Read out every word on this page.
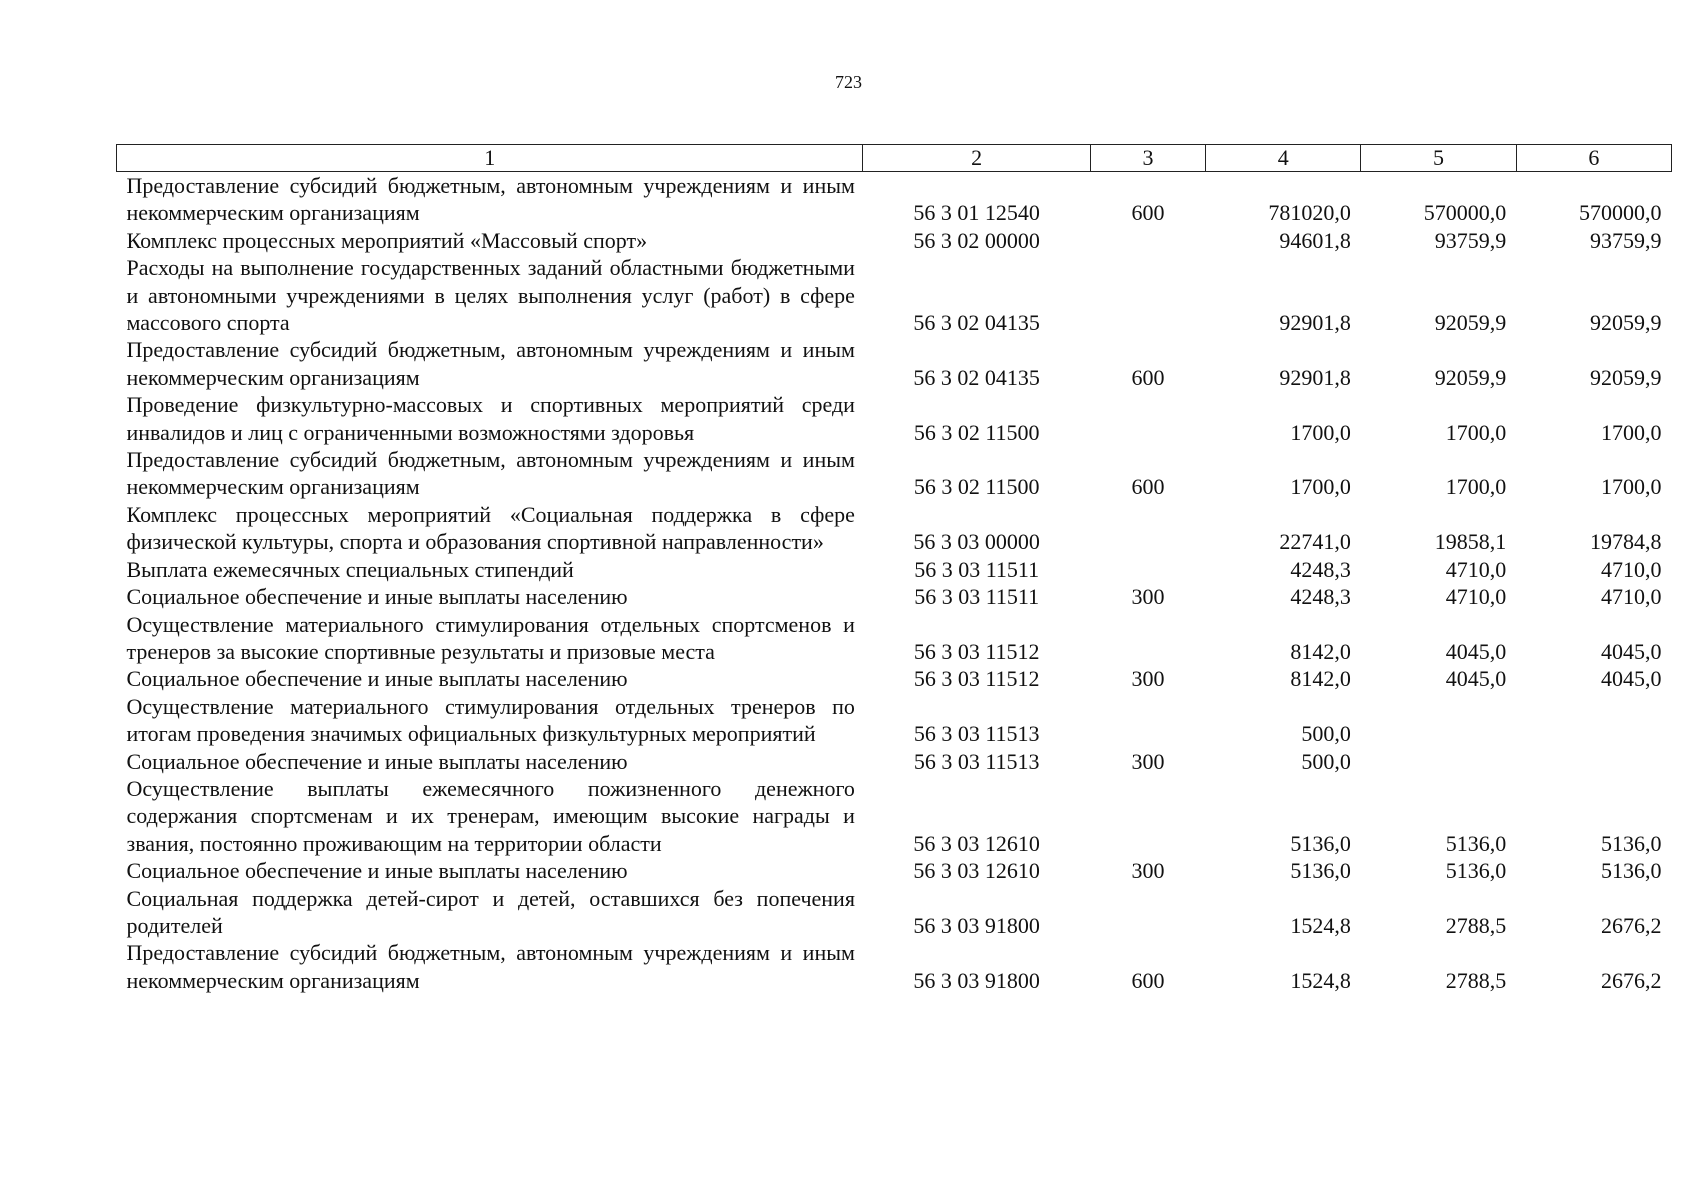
723
1	2	3	4	5	6
Предоставление субсидий бюджетным, автономным учреждениям и иным некоммерческим организациям	56 3 01 12540	600	781020,0	570000,0	570000,0
Комплекс процессных мероприятий «Массовый спорт»	56 3 02 00000		94601,8	93759,9	93759,9
Расходы на выполнение государственных заданий областными бюджетными и автономными учреждениями в целях выполнения услуг (работ) в сфере массового спорта	56 3 02 04135		92901,8	92059,9	92059,9
Предоставление субсидий бюджетным, автономным учреждениям и иным некоммерческим организациям	56 3 02 04135	600	92901,8	92059,9	92059,9
Проведение физкультурно-массовых и спортивных мероприятий среди инвалидов и лиц с ограниченными возможностями здоровья	56 3 02 11500		1700,0	1700,0	1700,0
Предоставление субсидий бюджетным, автономным учреждениям и иным некоммерческим организациям	56 3 02 11500	600	1700,0	1700,0	1700,0
Комплекс процессных мероприятий «Социальная поддержка в сфере физической культуры, спорта и образования спортивной направленности»	56 3 03 00000		22741,0	19858,1	19784,8
Выплата ежемесячных специальных стипендий	56 3 03 11511		4248,3	4710,0	4710,0
Социальное обеспечение и иные выплаты населению	56 3 03 11511	300	4248,3	4710,0	4710,0
Осуществление материального стимулирования отдельных спортсменов и тренеров за высокие спортивные результаты и призовые места	56 3 03 11512		8142,0	4045,0	4045,0
Социальное обеспечение и иные выплаты населению	56 3 03 11512	300	8142,0	4045,0	4045,0
Осуществление материального стимулирования отдельных тренеров по итогам проведения значимых официальных физкультурных мероприятий	56 3 03 11513		500,0		
Социальное обеспечение и иные выплаты населению	56 3 03 11513	300	500,0		
Осуществление выплаты ежемесячного пожизненного денежного содержания спортсменам и их тренерам, имеющим высокие награды и звания, постоянно проживающим на территории области	56 3 03 12610		5136,0	5136,0	5136,0
Социальное обеспечение и иные выплаты населению	56 3 03 12610	300	5136,0	5136,0	5136,0
Социальная поддержка детей-сирот и детей, оставшихся без попечения родителей	56 3 03 91800		1524,8	2788,5	2676,2
Предоставление субсидий бюджетным, автономным учреждениям и иным некоммерческим организациям	56 3 03 91800	600	1524,8	2788,5	2676,2
